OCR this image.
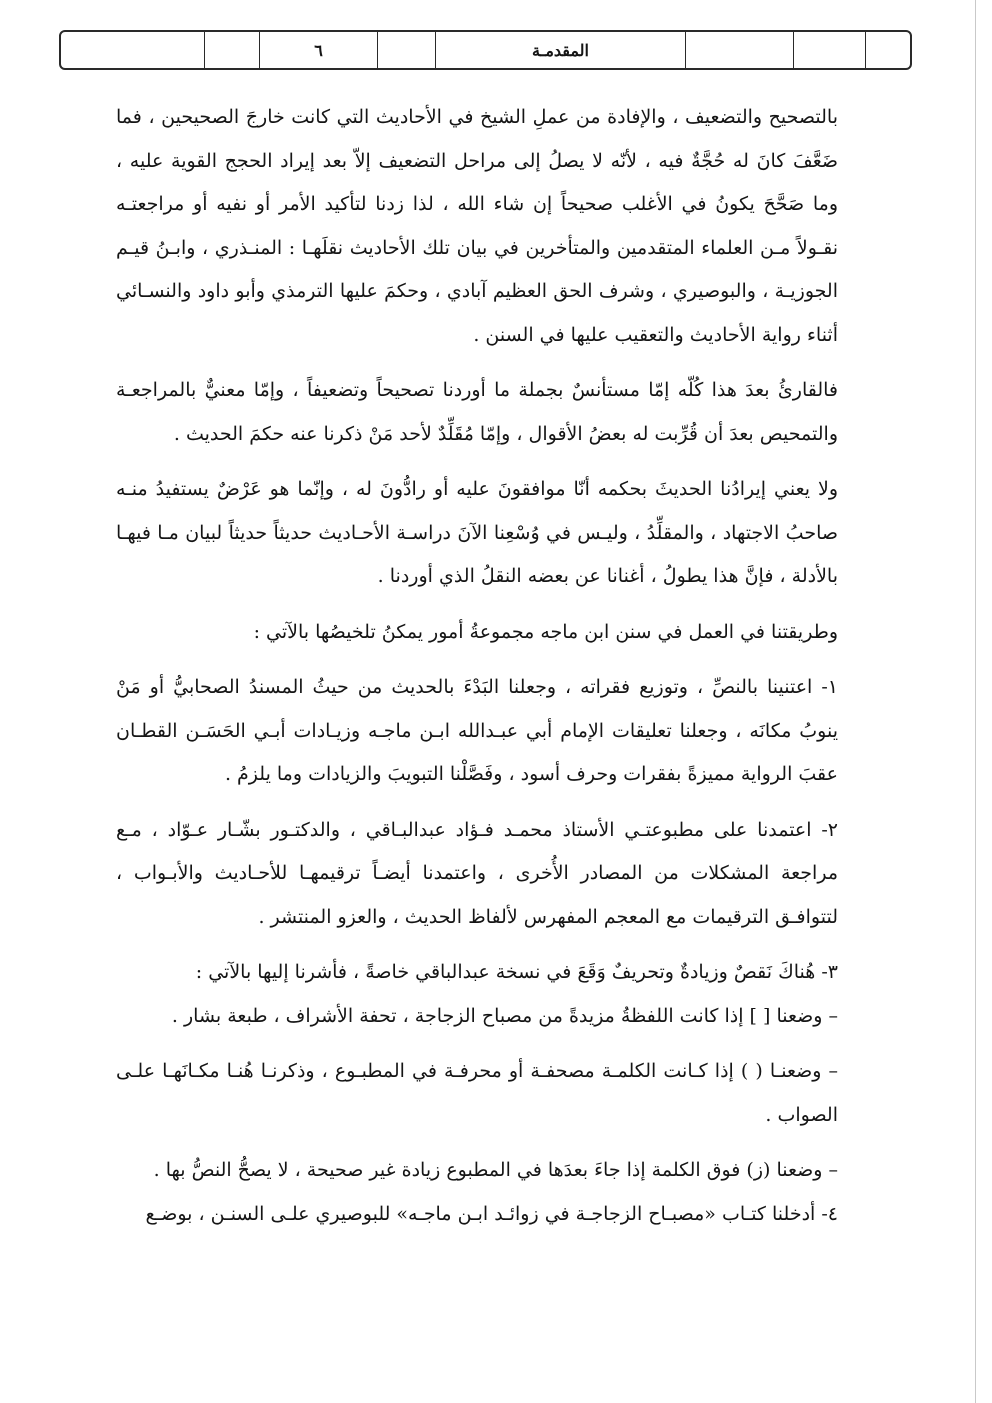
المقدمـة
٦

بالتصحيح والتضعيف ، والإفادة من عملِ الشيخ في الأحاديث التي كانت خارجَ الصحيحين ، فما ضَعَّفَ كانَ له حُجَّةٌ فيه ، لأنّه لا يصلُ إلى مراحل التضعيف إلاّ بعد إيراد الحجج القوية عليه ، وما صَحَّحَ يكونُ في الأغلب صحيحاً إن شاء الله ، لذا زدنا لتأكيد الأمر أو نفيه أو مراجعتـه نقـولاً مـن العلماء المتقدمين والمتأخرين في بيان تلك الأحاديث نقلَهـا : المنـذري ، وابـنُ قيـم الجوزيـة ، والبوصيري ، وشرف الحق العظيم آبادي ، وحكمَ عليها الترمذي وأبو داود والنسـائي أثناء رواية الأحاديث والتعقيب عليها في السنن .

فالقارئُ بعدَ هذا كُلّه إمّا مستأنسٌ بجملة ما أوردنا تصحيحاً وتضعيفاً ، وإمّا معنيٌّ بالمراجعـة والتمحيص بعدَ أن قُرِّبت له بعضُ الأقوال ، وإمّا مُقَلِّدٌ لأحد مَنْ ذكرنا عنه حكمَ الحديث .

ولا يعني إيرادُنا الحديثَ بحكمه أنّا موافقونَ عليه أو رادُّونَ له ، وإنّما هو عَرْضٌ يستفيدُ منـه صاحبُ الاجتهاد ، والمقلِّدُ ، وليـس في وُسْعِنا الآنَ دراسـة الأحـاديث حديثاً حديثاً لبيان مـا فيهـا بالأدلة ، فإنَّ هذا يطولُ ، أغنانا عن بعضه النقلُ الذي أوردنا .

وطريقتنا في العمل في سنن ابن ماجه مجموعةُ أمور يمكنُ تلخيصُها بالآتي :

١- اعتنينا بالنصِّ ، وتوزيع فقراته ، وجعلنا البَدْءَ بالحديث من حيثُ المسندُ الصحابيُّ أو مَنْ ينوبُ مكانَه ، وجعلنا تعليقات الإمام أبي عبـدالله ابـن ماجـه وزيـادات أبـي الحَسَـن القطـان عقبَ الرواية مميزةً بفقرات وحرف أسود ، وفَصَّلْنا التبويبَ والزيادات وما يلزمُ .

٢- اعتمدنا على مطبوعتـي الأستاذ محمـد فـؤاد عبدالبـاقي ، والدكتـور بشّـار عـوّاد ، مـع مراجعة المشكلات من المصادر الأُخرى ، واعتمدنا أيضـاً ترقيمهـا للأحـاديث والأبـواب ، لتتوافـق الترقيمات مع المعجم المفهرس لألفاظ الحديث ، والعزو المنتشر .

٣- هُناكَ نَقصٌ وزيادةٌ وتحريفٌ وَقَعَ في نسخة عبدالباقي خاصةً ، فأشرنا إليها بالآتي :

– وضعنا [ ] إذا كانت اللفظةُ مزيدةً من مصباح الزجاجة ، تحفة الأشراف ، طبعة بشار .

– وضعنـا ( ) إذا كـانت الكلمـة مصحفـة أو محرفـة في المطبـوع ، وذكرنـا هُنـا مكـانَهـا علـى الصواب .

– وضعنا (ز) فوق الكلمة إذا جاءَ بعدَها في المطبوع زيادة غير صحيحة ، لا يصحُّ النصُّ بها .

٤- أدخلنا كتـاب «مصبـاح الزجاجـة في زوائـد ابـن ماجـه» للبوصيري علـى السنـن ، بوضـع
